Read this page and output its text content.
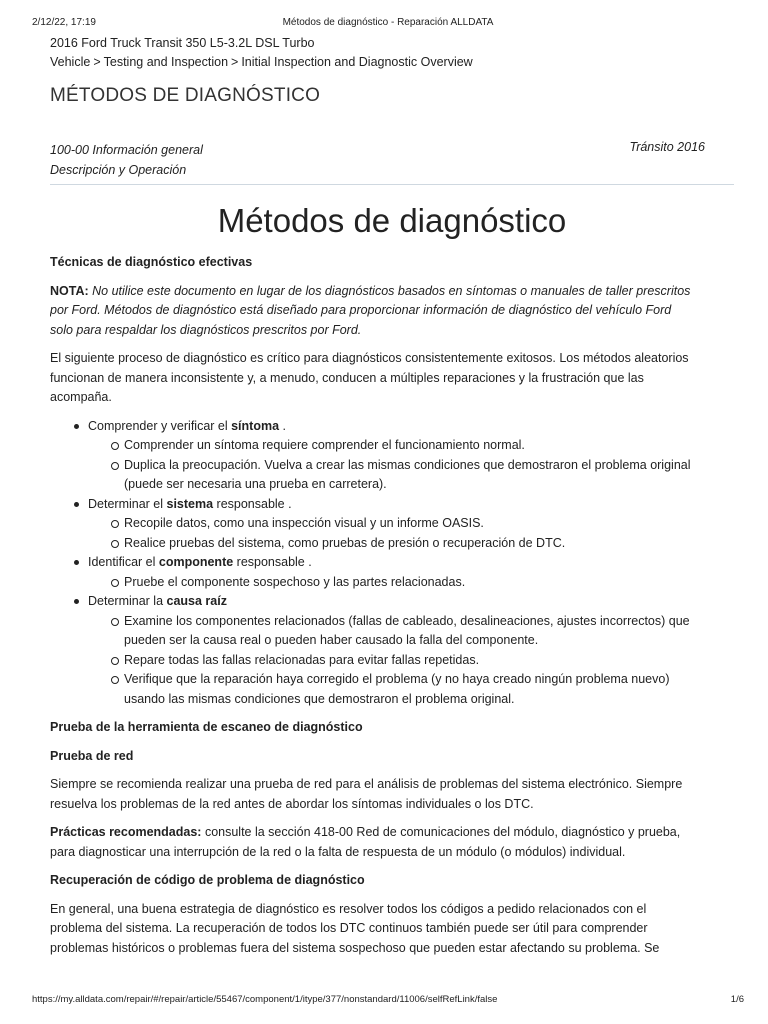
2/12/22, 17:19	Métodos de diagnóstico - Reparación ALLDATA
2016 Ford Truck Transit 350 L5-3.2L DSL Turbo
Vehicle > Testing and Inspection > Initial Inspection and Diagnostic Overview
MÉTODOS DE DIAGNÓSTICO
100-00 Información general
Descripción y Operación
Tránsito 2016
Métodos de diagnóstico
Técnicas de diagnóstico efectivas

NOTA: No utilice este documento en lugar de los diagnósticos basados en síntomas o manuales de taller prescritos
por Ford. Métodos de diagnóstico está diseñado para proporcionar información de diagnóstico del vehículo Ford
solo para respaldar los diagnósticos prescritos por Ford.

El siguiente proceso de diagnóstico es crítico para diagnósticos consistentemente exitosos. Los métodos aleatorios
funcionan de manera inconsistente y, a menudo, conducen a múltiples reparaciones y la frustración que las
acompaña.

Comprender y verificar el síntoma .
Comprender un síntoma requiere comprender el funcionamiento normal.
Duplica la preocupación. Vuelva a crear las mismas condiciones que demostraron el problema original
(puede ser necesaria una prueba en carretera).
Determinar el sistema responsable .
Recopile datos, como una inspección visual y un informe OASIS.
Realice pruebas del sistema, como pruebas de presión o recuperación de DTC.
Identificar el componente responsable .
Pruebe el componente sospechoso y las partes relacionadas.
Determinar la causa raíz
Examine los componentes relacionados (fallas de cableado, desalineaciones, ajustes incorrectos) que
pueden ser la causa real o pueden haber causado la falla del componente.
Repare todas las fallas relacionadas para evitar fallas repetidas.
Verifique que la reparación haya corregido el problema (y no haya creado ningún problema nuevo)
usando las mismas condiciones que demostraron el problema original.
Prueba de la herramienta de escaneo de diagnóstico
Prueba de red

Siempre se recomienda realizar una prueba de red para el análisis de problemas del sistema electrónico. Siempre
resuelva los problemas de la red antes de abordar los síntomas individuales o los DTC.

Prácticas recomendadas: consulte la sección 418-00 Red de comunicaciones del módulo, diagnóstico y prueba,
para diagnosticar una interrupción de la red o la falta de respuesta de un módulo (o módulos) individual.

Recuperación de código de problema de diagnóstico

En general, una buena estrategia de diagnóstico es resolver todos los códigos a pedido relacionados con el
problema del sistema. La recuperación de todos los DTC continuos también puede ser útil para comprender
problemas históricos o problemas fuera del sistema sospechoso que pueden estar afectando su problema. Se

https://my.alldata.com/repair/#/repair/article/55467/component/1/itype/377/nonstandard/11006/selfRefLink/false	1/6
